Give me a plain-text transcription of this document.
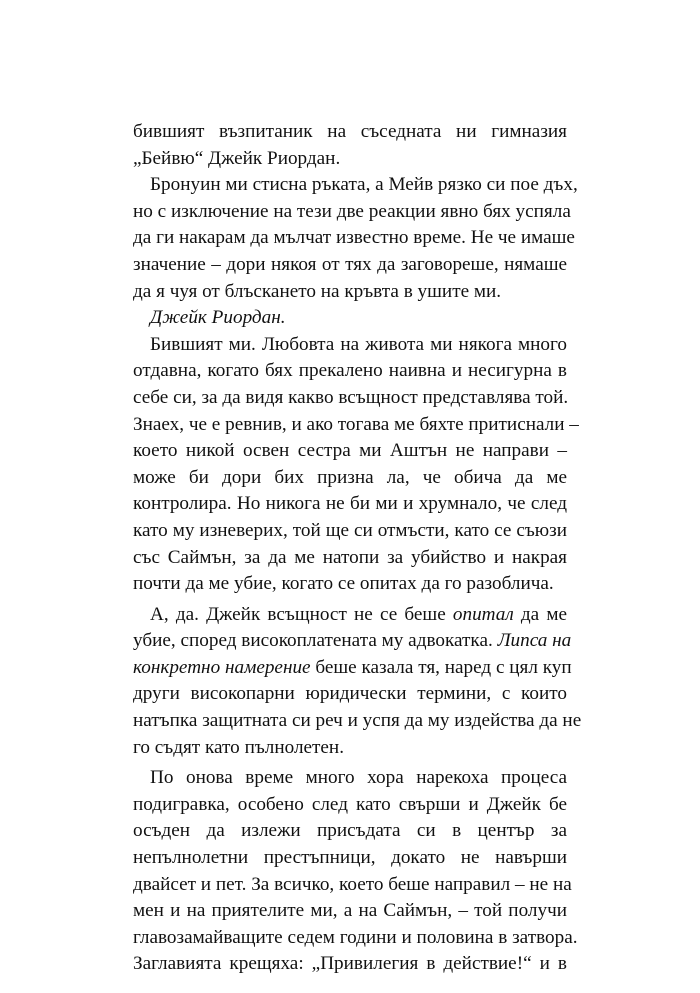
бившият възпитаник на съседната ни гимназия
„Бейвю“ Джейк Риордан.
Бронуин ми стисна ръката, а Мейв рязко си пое дъх,
но с изключение на тези две реакции явно бях успяла
да ги накарам да мълчат известно време. Не че имаше
значение – дори някоя от тях да заговореше, нямаше
да я чуя от блъскането на кръвта в ушите ми.
Джейк Риордан.
Бившият ми. Любовта на живота ми някога много
отдавна, когато бях прекалено наивна и несигурна в
себе си, за да видя какво всъщност представлява той.
Знаех, че е ревнив, и ако тогава ме бяхте притиснали –
което никой освен сестра ми Аштън не направи –
може би дори бих призна ла, че обича да ме
контролира. Но никога не би ми и хрумнало, че след
като му изневерих, той ще си отмъсти, като се съюзи
със Саймън, за да ме натопи за убийство и накрая
почти да ме убие, когато се опитах да го разоблича.
А, да. Джейк всъщност не се беше опитал да ме
убие, според високоплатената му адвокатка. Липса на
конкретно намерение беше казала тя, наред с цял куп
други високопарни юридически термини, с които
натъпка защитната си реч и успя да му издейства да не
го съдят като пълнолетен.
По онова време много хора нарекоха процеса
подигравка, особено след като свърши и Джейк бе
осъден да излежи присъдата си в център за
непълнолетни престъпници, докато не навърши
двайсет и пет. За всичко, което беше направил – не на
мен и на приятелите ми, а на Саймън, – той получи
главозамайващите седем години и половина в затвора.
Заглавията крещяха: „Привилегия в действие!“ и в
